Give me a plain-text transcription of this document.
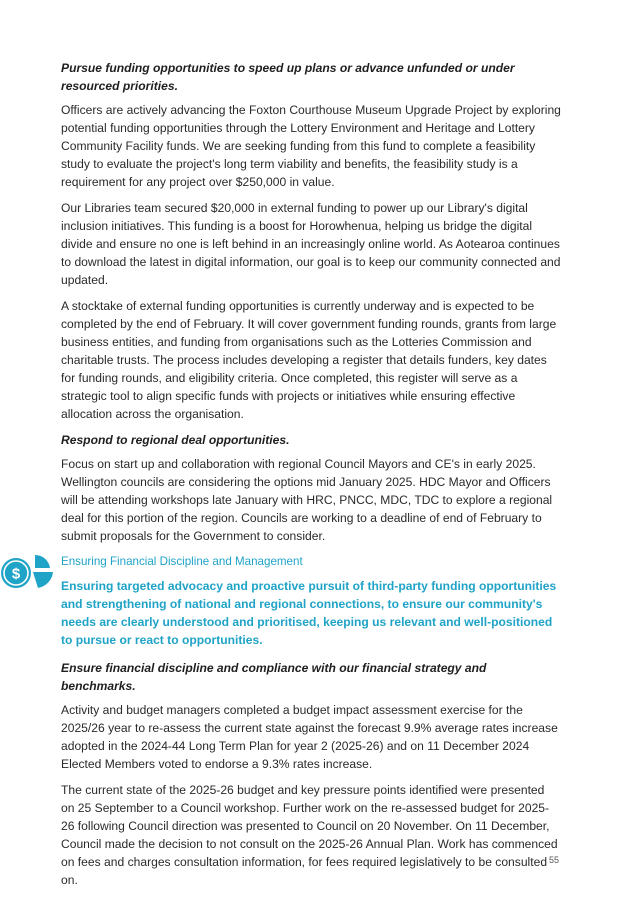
Pursue funding opportunities to speed up plans or advance unfunded or under resourced priorities.

Officers are actively advancing the Foxton Courthouse Museum Upgrade Project by exploring potential funding opportunities through the Lottery Environment and Heritage and Lottery Community Facility funds. We are seeking funding from this fund to complete a feasibility study to evaluate the project's long term viability and benefits, the feasibility study is a requirement for any project over $250,000 in value.

Our Libraries team secured $20,000 in external funding to power up our Library's digital inclusion initiatives. This funding is a boost for Horowhenua, helping us bridge the digital divide and ensure no one is left behind in an increasingly online world. As Aotearoa continues to download the latest in digital information, our goal is to keep our community connected and updated.

A stocktake of external funding opportunities is currently underway and is expected to be completed by the end of February. It will cover government funding rounds, grants from large business entities, and funding from organisations such as the Lotteries Commission and charitable trusts. The process includes developing a register that details funders, key dates for funding rounds, and eligibility criteria. Once completed, this register will serve as a strategic tool to align specific funds with projects or initiatives while ensuring effective allocation across the organisation.

Respond to regional deal opportunities.

Focus on start up and collaboration with regional Council Mayors and CE's in early 2025. Wellington councils are considering the options mid January 2025. HDC Mayor and Officers will be attending workshops late January with HRC, PNCC, MDC, TDC to explore a regional deal for this portion of the region. Councils are working to a deadline of end of February to submit proposals for the Government to consider.

Ensuring Financial Discipline and Management

Ensuring targeted advocacy and proactive pursuit of third-party funding opportunities and strengthening of national and regional connections, to ensure our community's needs are clearly understood and prioritised, keeping us relevant and well-positioned to pursue or react to opportunities.

Ensure financial discipline and compliance with our financial strategy and benchmarks.

Activity and budget managers completed a budget impact assessment exercise for the 2025/26 year to re-assess the current state against the forecast 9.9% average rates increase adopted in the 2024-44 Long Term Plan for year 2 (2025-26) and on 11 December 2024 Elected Members voted to endorse a 9.3% rates increase.

The current state of the 2025-26 budget and key pressure points identified were presented on 25 September to a Council workshop. Further work on the re-assessed budget for 2025-26 following Council direction was presented to Council on 20 November. On 11 December, Council made the decision to not consult on the 2025-26 Annual Plan. Work has commenced on fees and charges consultation information, for fees required legislatively to be consulted on.

$
55
